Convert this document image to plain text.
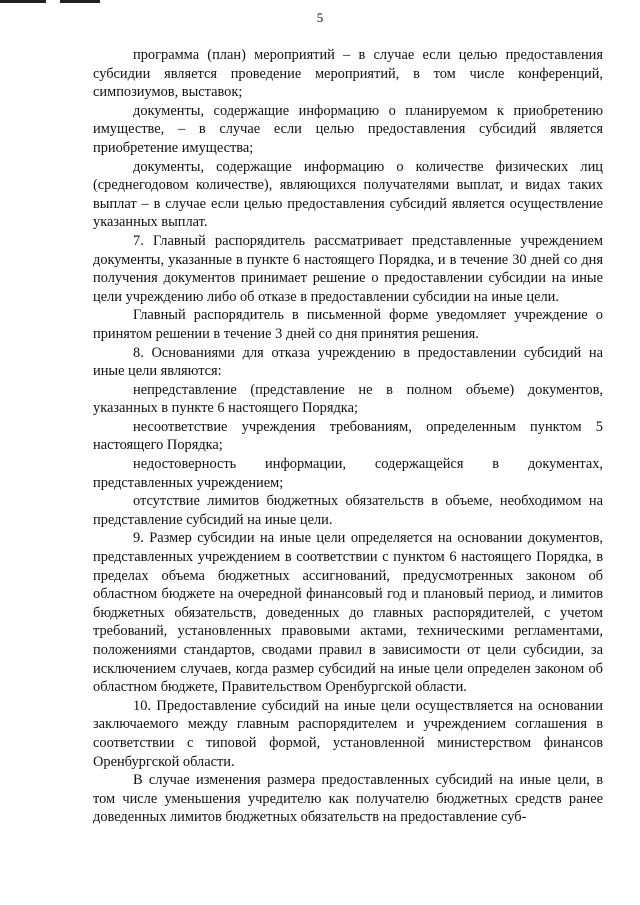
5

программа (план) мероприятий – в случае если целью предоставления субсидии является проведение мероприятий, в том числе конференций, симпозиумов, выставок;

документы, содержащие информацию о планируемом к приобретению имуществе, – в случае если целью предоставления субсидий является приобретение имущества;

документы, содержащие информацию о количестве физических лиц (среднегодовом количестве), являющихся получателями выплат, и видах таких выплат – в случае если целью предоставления субсидий является осуществление указанных выплат.

7. Главный распорядитель рассматривает представленные учреждением документы, указанные в пункте 6 настоящего Порядка, и в течение 30 дней со дня получения документов принимает решение о предоставлении субсидии на иные цели учреждению либо об отказе в предоставлении субсидии на иные цели.

Главный распорядитель в письменной форме уведомляет учреждение о принятом решении в течение 3 дней со дня принятия решения.

8. Основаниями для отказа учреждению в предоставлении субсидий на иные цели являются:

непредставление (представление не в полном объеме) документов, указанных в пункте 6 настоящего Порядка;

несоответствие учреждения требованиям, определенным пунктом 5 настоящего Порядка;

недостоверность информации, содержащейся в документах, представленных учреждением;

отсутствие лимитов бюджетных обязательств в объеме, необходимом на представление субсидий на иные цели.

9. Размер субсидии на иные цели определяется на основании документов, представленных учреждением в соответствии с пунктом 6 настоящего Порядка, в пределах объема бюджетных ассигнований, предусмотренных законом об областном бюджете на очередной финансовый год и плановый период, и лимитов бюджетных обязательств, доведенных до главных распорядителей, с учетом требований, установленных правовыми актами, техническими регламентами, положениями стандартов, сводами правил в зависимости от цели субсидии, за исключением случаев, когда размер субсидий на иные цели определен законом об областном бюджете, Правительством Оренбургской области.

10. Предоставление субсидий на иные цели осуществляется на основании заключаемого между главным распорядителем и учреждением соглашения в соответствии с типовой формой, установленной министерством финансов Оренбургской области.

В случае изменения размера предоставленных субсидий на иные цели, в том числе уменьшения учредителю как получателю бюджетных средств ранее доведенных лимитов бюджетных обязательств на предоставление суб-
